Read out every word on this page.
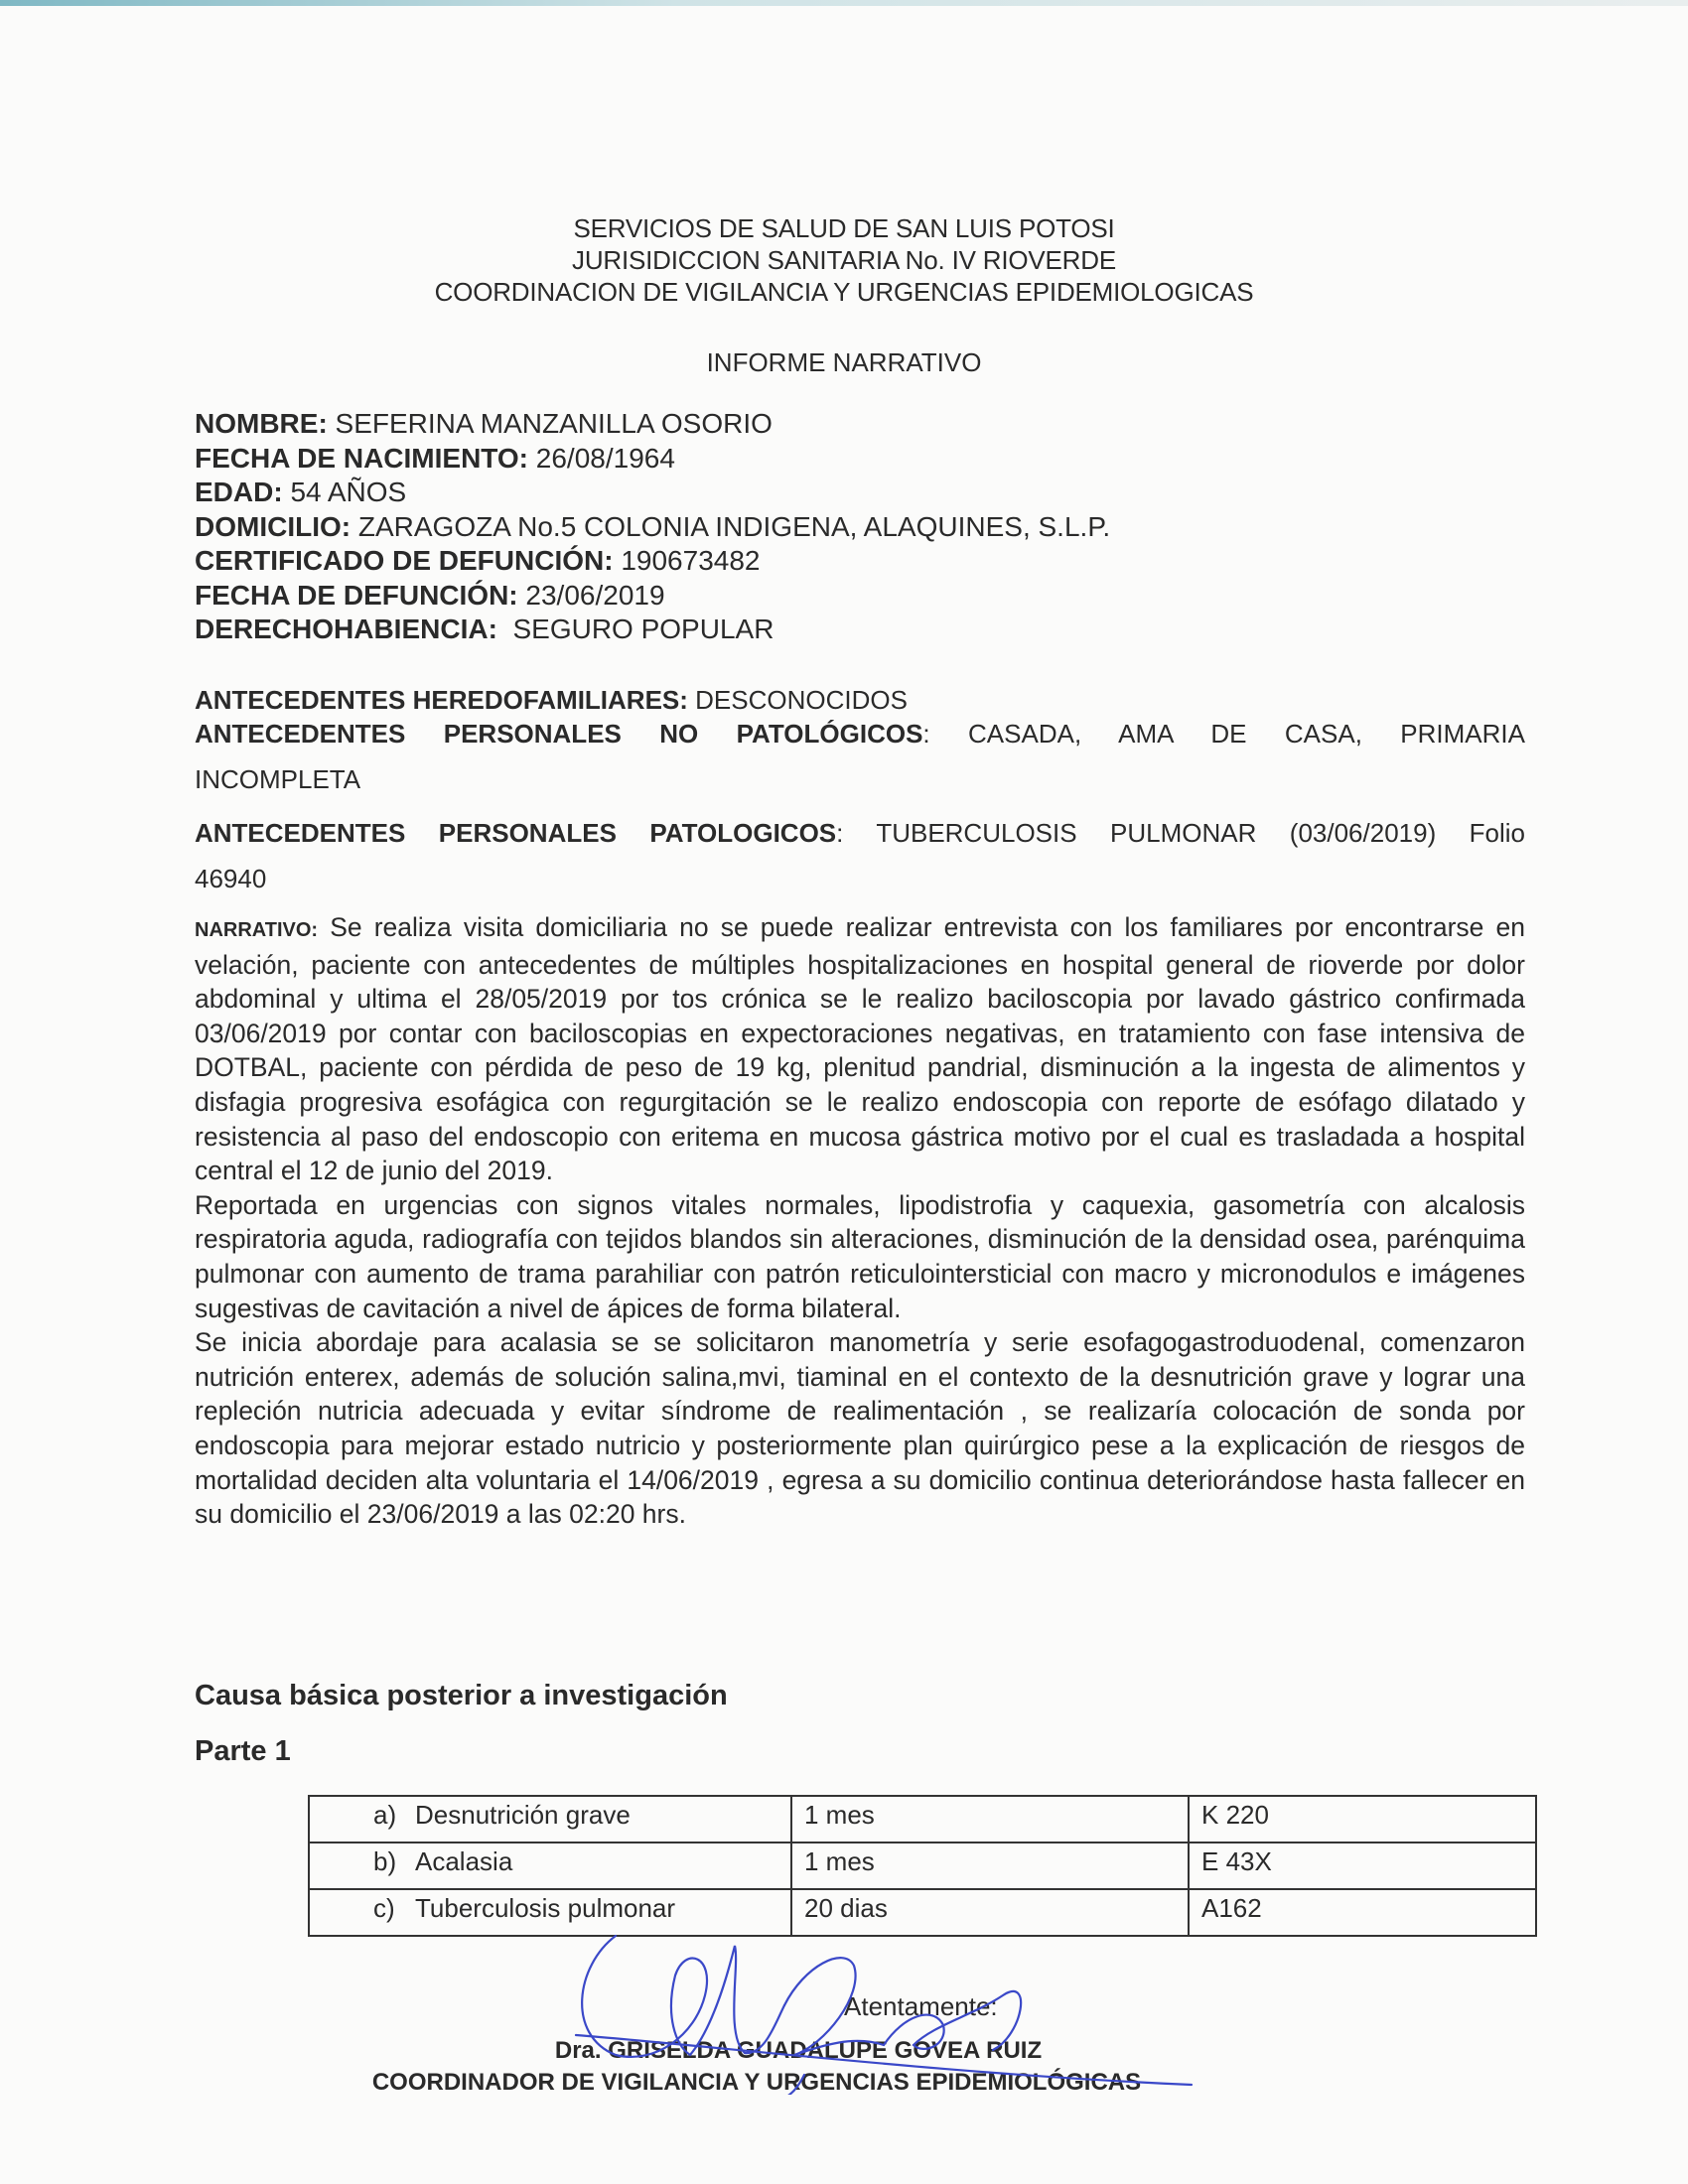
SERVICIOS DE SALUD DE SAN LUIS POTOSI
JURISIDICCION SANITARIA No. IV RIOVERDE
COORDINACION DE VIGILANCIA Y URGENCIAS EPIDEMIOLOGICAS
INFORME NARRATIVO
NOMBRE: SEFERINA MANZANILLA OSORIO
FECHA DE NACIMIENTO: 26/08/1964
EDAD: 54 AÑOS
DOMICILIO: ZARAGOZA No.5 COLONIA INDIGENA, ALAQUINES, S.L.P.
CERTIFICADO DE DEFUNCIÓN: 190673482
FECHA DE DEFUNCIÓN: 23/06/2019
DERECHOHABIENCIA:  SEGURO POPULAR
ANTECEDENTES HEREDOFAMILIARES: DESCONOCIDOS
ANTECEDENTES PERSONALES NO PATOLÓGICOS: CASADA, AMA DE CASA, PRIMARIA
INCOMPLETA
ANTECEDENTES PERSONALES PATOLOGICOS: TUBERCULOSIS PULMONAR (03/06/2019) Folio
46940

NARRATIVO: Se realiza visita domiciliaria no se puede realizar entrevista con los familiares por encontrarse en velación, paciente con antecedentes de múltiples hospitalizaciones en hospital general de rioverde por dolor abdominal y ultima el 28/05/2019 por tos crónica se le realizo baciloscopia por lavado gástrico confirmada 03/06/2019 por contar con baciloscopias en expectoraciones negativas, en tratamiento con fase intensiva de DOTBAL, paciente con pérdida de peso de 19 kg, plenitud pandrial, disminución a la ingesta de alimentos y disfagia progresiva esofágica con regurgitación se le realizo endoscopia con reporte de esófago dilatado y resistencia al paso del endoscopio con eritema en mucosa gástrica motivo por el cual es trasladada a hospital central el 12 de junio del 2019.

Reportada en urgencias con signos vitales normales, lipodistrofia y caquexia, gasometría con alcalosis respiratoria aguda, radiografía con tejidos blandos sin alteraciones, disminución de la densidad osea, parénquima pulmonar con aumento de trama parahiliar con patrón reticulointersticial con macro y micronodulos e imágenes sugestivas de cavitación a nivel de ápices de forma bilateral.

Se inicia abordaje para acalasia se se solicitaron manometría y serie esofagogastroduodenal, comenzaron nutrición enterex, además de solución salina,mvi, tiaminal en el contexto de la desnutrición grave y lograr una repleción nutricia adecuada y evitar síndrome de realimentación , se realizaría colocación de sonda por endoscopia para mejorar estado nutricio y posteriormente plan quirúrgico pese a la explicación de riesgos de mortalidad deciden alta voluntaria el 14/06/2019 , egresa a su domicilio continua deteriorándose hasta fallecer en su domicilio el 23/06/2019 a las 02:20 hrs.

Causa básica posterior a investigación
Parte 1
a) Desnutrición grave	1 mes	K 220
b) Acalasia	1 mes	E 43X
c) Tuberculosis pulmonar	20 dias	A162
Atentamente:
Dra. GRISELDA GUADALUPE GOVEA RUIZ
COORDINADOR DE VIGILANCIA Y URGENCIAS EPIDEMIOLÓGICAS
